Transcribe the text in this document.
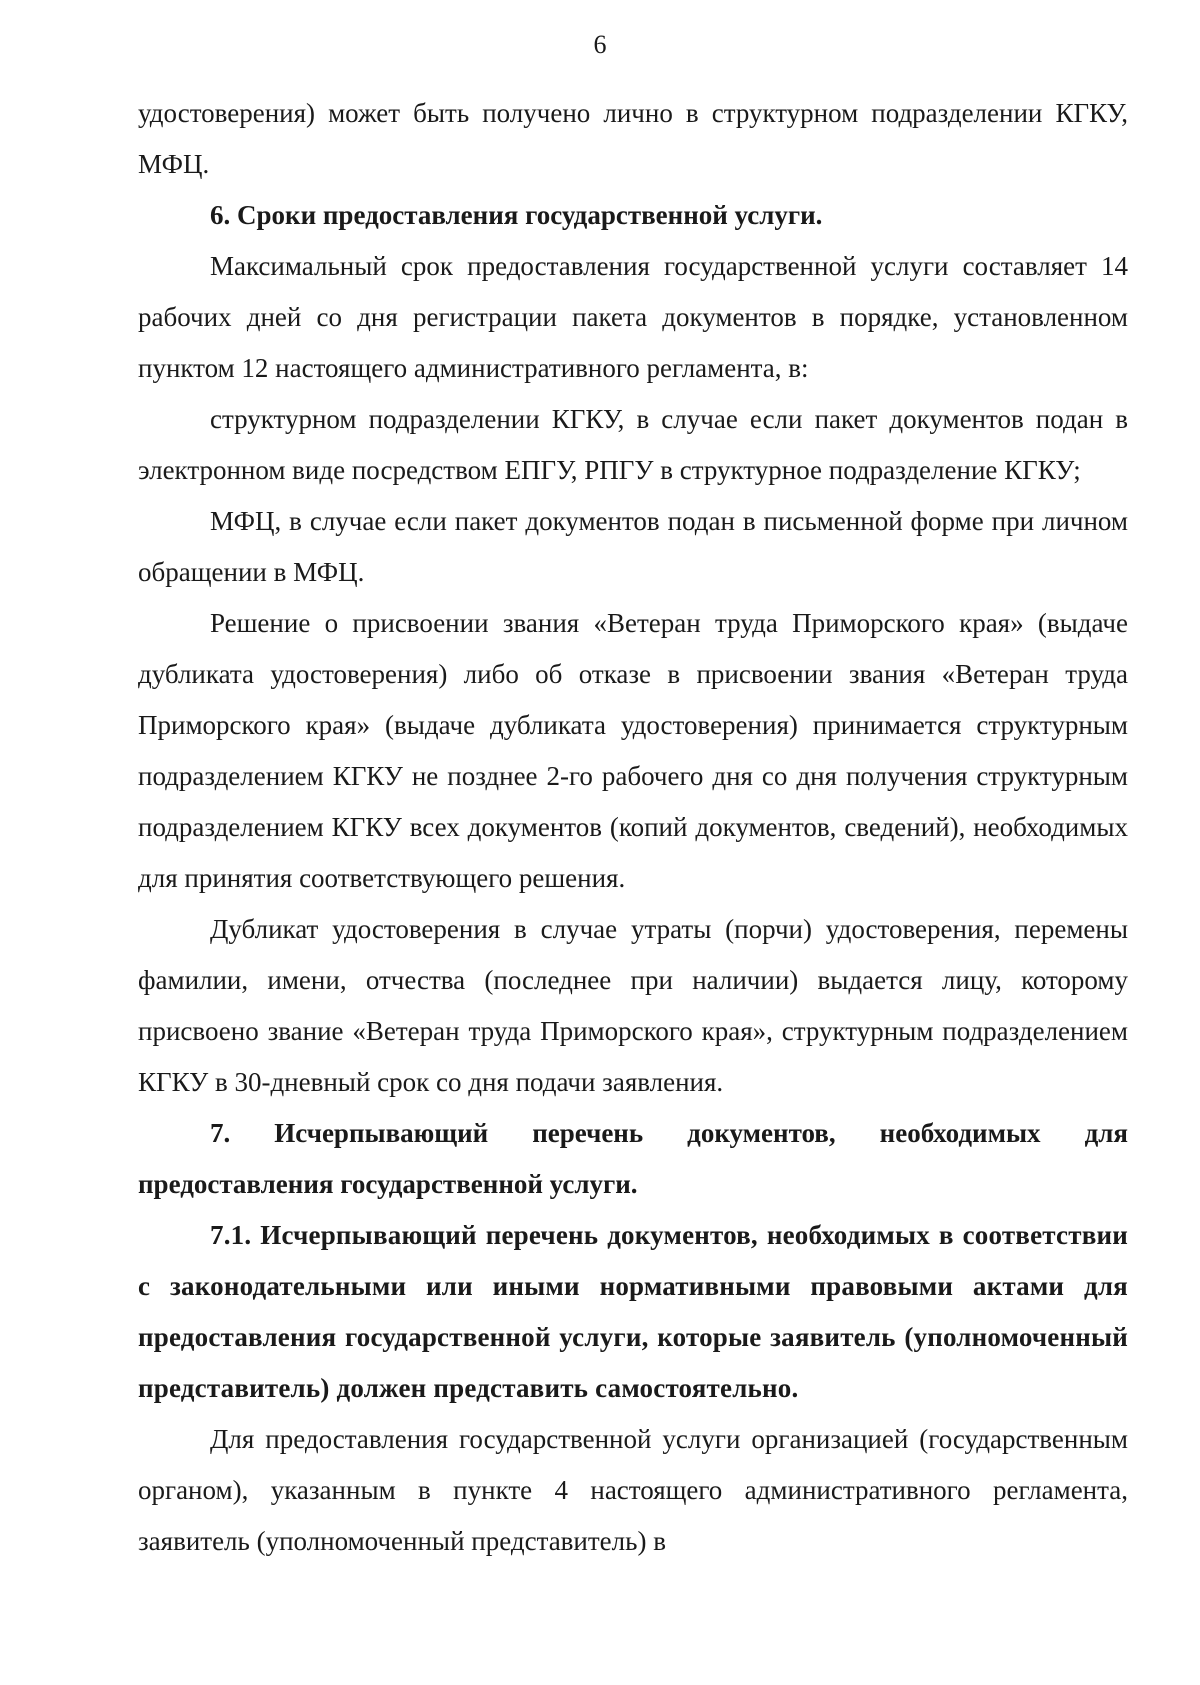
6

удостоверения) может быть получено лично в структурном подразделении КГКУ, МФЦ.

6. Сроки предоставления государственной услуги.

Максимальный срок предоставления государственной услуги составляет 14 рабочих дней со дня регистрации пакета документов в порядке, установленном пунктом 12 настоящего административного регламента, в:

структурном подразделении КГКУ, в случае если пакет документов подан в электронном виде посредством ЕПГУ, РПГУ в структурное подразделение КГКУ;

МФЦ, в случае если пакет документов подан в письменной форме при личном обращении в МФЦ.

Решение о присвоении звания «Ветеран труда Приморского края» (выдаче дубликата удостоверения) либо об отказе в присвоении звания «Ветеран труда Приморского края» (выдаче дубликата удостоверения) принимается структурным подразделением КГКУ не позднее 2-го рабочего дня со дня получения структурным подразделением КГКУ всех документов (копий документов, сведений), необходимых для принятия соответствующего решения.

Дубликат удостоверения в случае утраты (порчи) удостоверения, перемены фамилии, имени, отчества (последнее при наличии) выдается лицу, которому присвоено звание «Ветеран труда Приморского края», структурным подразделением КГКУ в 30-дневный срок со дня подачи заявления.

7. Исчерпывающий перечень документов, необходимых для предоставления государственной услуги.

7.1. Исчерпывающий перечень документов, необходимых в соответствии с законодательными или иными нормативными правовыми актами для предоставления государственной услуги, которые заявитель (уполномоченный представитель) должен представить самостоятельно.

Для предоставления государственной услуги организацией (государственным органом), указанным в пункте 4 настоящего административного регламента, заявитель (уполномоченный представитель) в
